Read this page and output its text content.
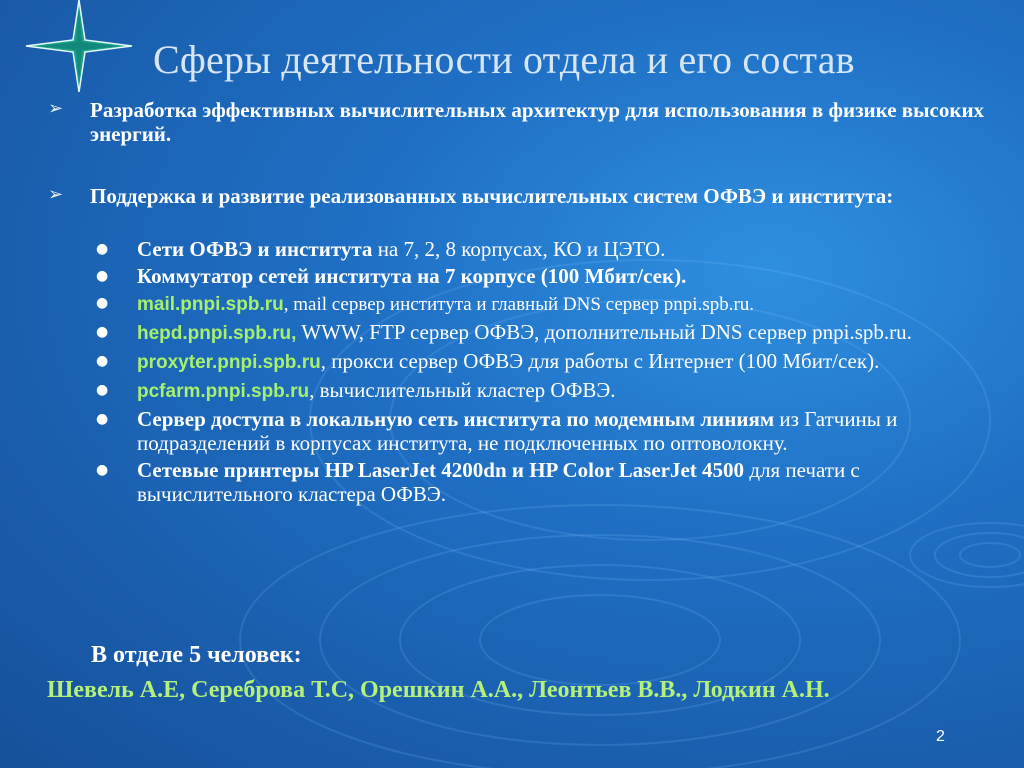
Сферы деятельности отдела и его состав
➢ Разработка эффективных вычислительных архитектур для использования в физике высоких энергий.
➢ Поддержка и развитие реализованных вычислительных систем ОФВЭ и института:
● Сети ОФВЭ и института на 7, 2, 8 корпусах, КО и ЦЭТО.
● Коммутатор сетей института на 7 корпусе (100 Мбит/сек).
● mail.pnpi.spb.ru, mail сервер института и главный DNS сервер pnpi.spb.ru.
● hepd.pnpi.spb.ru, WWW, FTP сервер ОФВЭ, дополнительный DNS сервер pnpi.spb.ru.
● proxyter.pnpi.spb.ru, прокси сервер ОФВЭ для работы с Интернет (100 Мбит/сек).
● pcfarm.pnpi.spb.ru, вычислительный кластер ОФВЭ.
● Сервер доступа в локальную сеть института по модемным линиям из Гатчины и подразделений в корпусах института, не подключенных по оптоволокну.
● Сетевые принтеры HP LaserJet 4200dn и HP Color LaserJet 4500 для печати с вычислительного кластера ОФВЭ.
В отделе 5 человек:
Шевель А.Е, Сереброва Т.С, Орешкин А.А., Леонтьев В.В., Лодкин А.Н.
2
